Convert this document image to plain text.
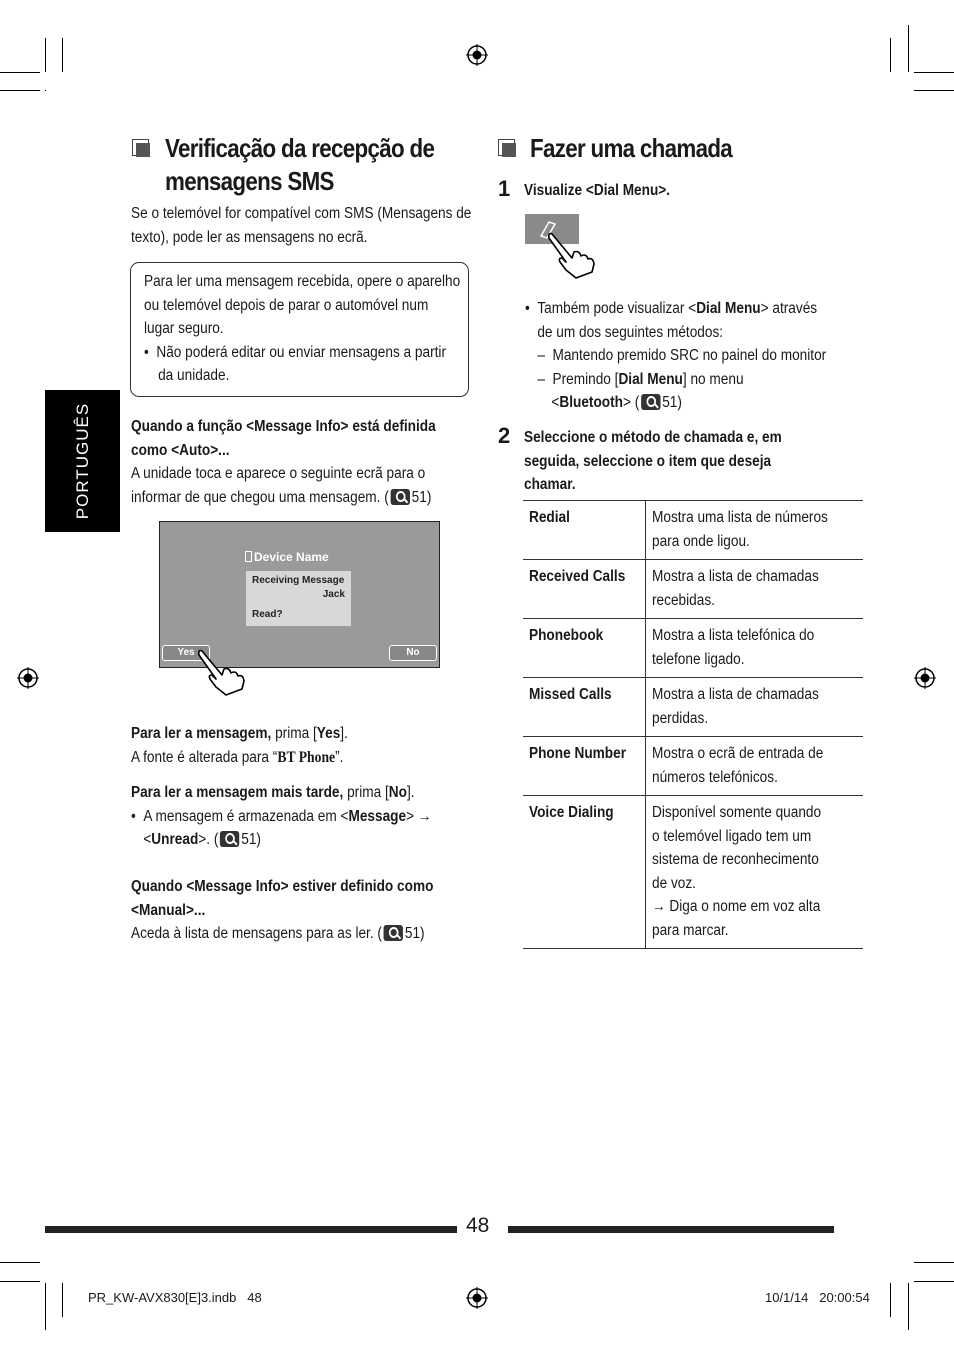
PORTUGUÊS
Verificação da recepção de
mensagens SMS
Se o telemóvel for compatível com SMS (Mensagens de
texto), pode ler as mensagens no ecrã.
Para ler uma mensagem recebida, opere o aparelho
ou telemóvel depois de parar o automóvel num
lugar seguro.
•  Não poderá editar ou enviar mensagens a partir
da unidade.
Quando a função <Message Info> está definida
como <Auto>...
A unidade toca e aparece o seguinte ecrã para o
informar de que chegou uma mensagem. ( 51)
Device Name
Receiving Message
Jack
Read?
Yes	No
Para ler a mensagem, prima [Yes].
A fonte é alterada para “BT Phone”.
Para ler a mensagem mais tarde, prima [No].
•  A mensagem é armazenada em <Message> →
<Unread>. ( 51)
Quando <Message Info> estiver definido como
<Manual>...
Aceda à lista de mensagens para as ler. ( 51)
Fazer uma chamada
1 Visualize <Dial Menu>.
•  Também pode visualizar <Dial Menu> através
de um dos seguintes métodos:
–  Mantendo premido SRC no painel do monitor
–  Premindo [Dial Menu] no menu
<Bluetooth> ( 51)
2 Seleccione o método de chamada e, em
seguida, seleccione o item que deseja
chamar.
Redial	Mostra uma lista de números para onde ligou.

Received Calls	Mostra a lista de chamadas recebidas.

Phonebook	Mostra a lista telefónica do telefone ligado.

Missed Calls	Mostra a lista de chamadas perdidas.

Phone Number	Mostra o ecrã de entrada de números telefónicos.

Voice Dialing	Disponível somente quando o telemóvel ligado tem um sistema de reconhecimento de voz.
→ Diga o nome em voz alta para marcar.
48
PR_KW-AVX830[E]3.indb   48	10/1/14   20:00:54
